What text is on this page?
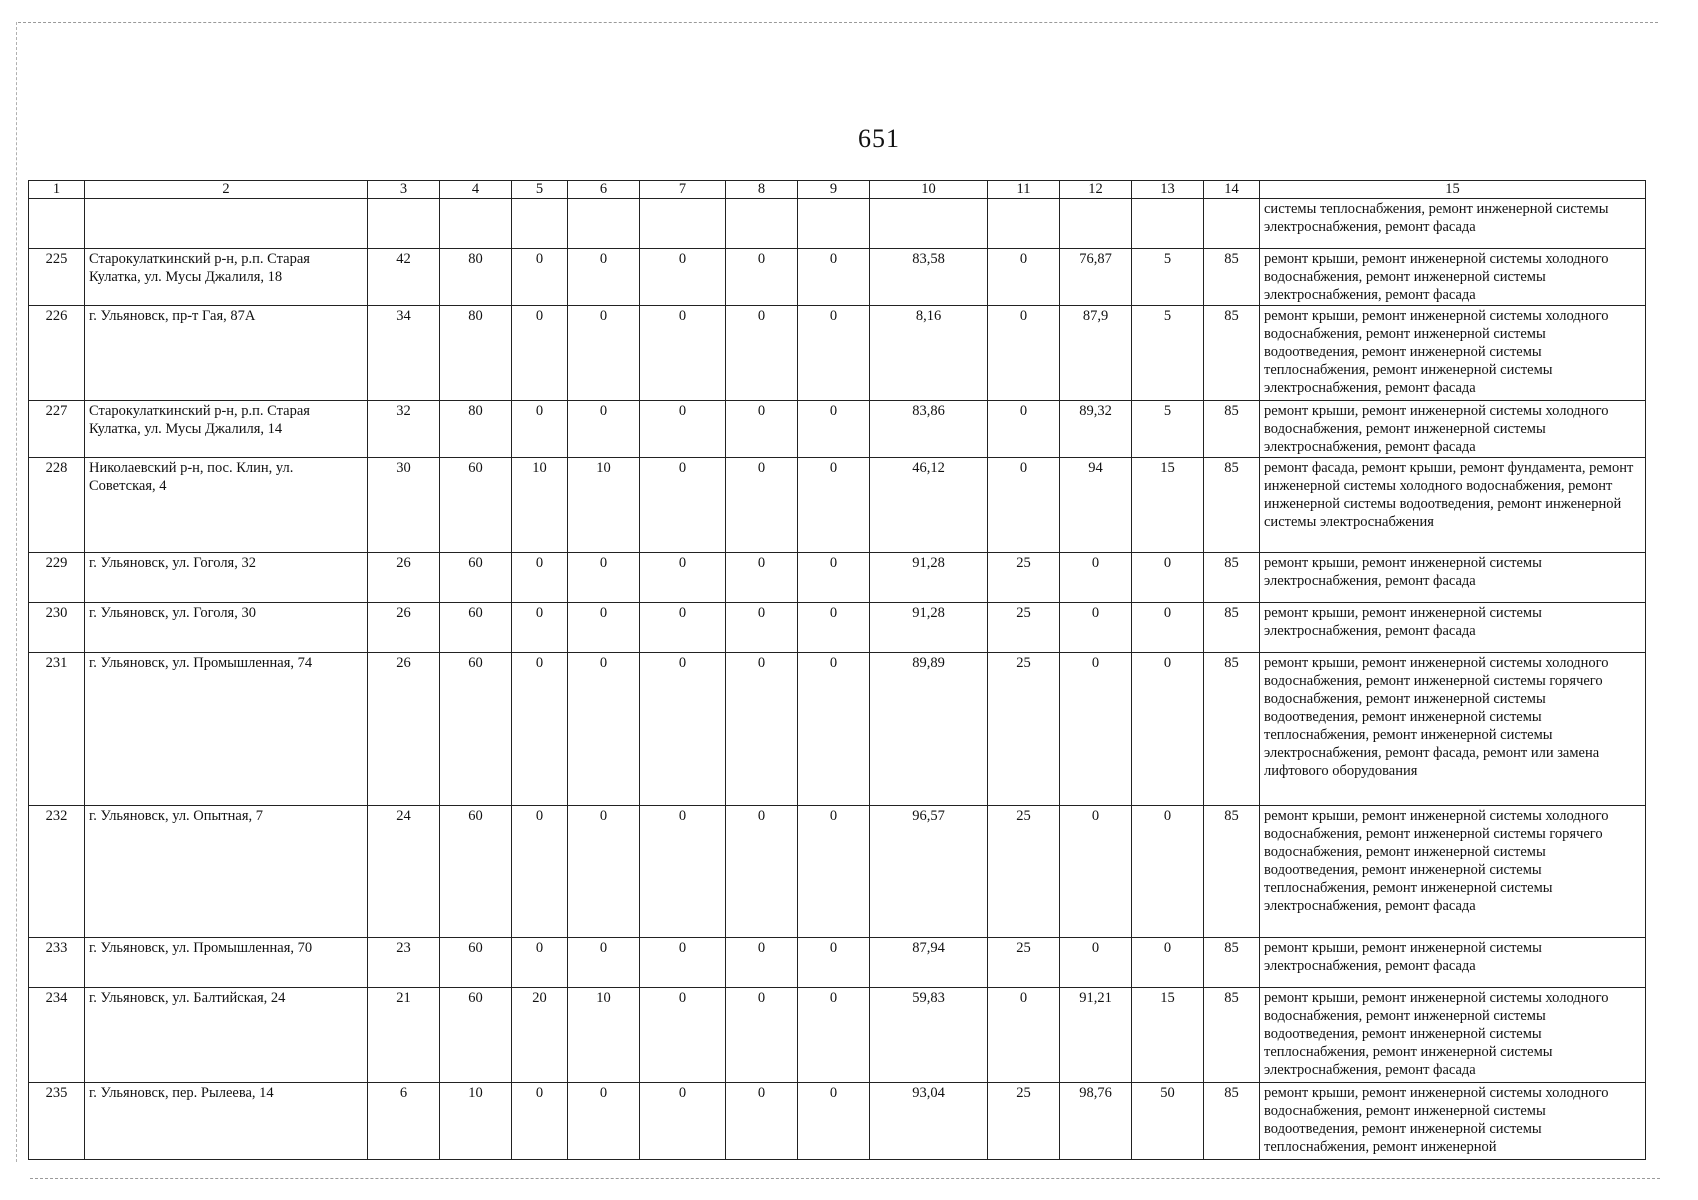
651
1	2	3	4	5	6	7	8	9	10	11	12	13	14	15
														системы теплоснабжения, ремонт инженерной системы электроснабжения, ремонт фасада
225	Старокулаткинский р-н, р.п. Старая Кулатка, ул. Мусы Джалиля, 18	42	80	0	0	0	0	0	83,58	0	76,87	5	85	ремонт крыши, ремонт инженерной системы холодного водоснабжения, ремонт инженерной системы электроснабжения, ремонт фасада
226	г. Ульяновск, пр-т Гая, 87А	34	80	0	0	0	0	0	8,16	0	87,9	5	85	ремонт крыши, ремонт инженерной системы холодного водоснабжения, ремонт инженерной системы водоотведения, ремонт инженерной системы теплоснабжения, ремонт инженерной системы электроснабжения, ремонт фасада
227	Старокулаткинский р-н, р.п. Старая Кулатка, ул. Мусы Джалиля, 14	32	80	0	0	0	0	0	83,86	0	89,32	5	85	ремонт крыши, ремонт инженерной системы холодного водоснабжения, ремонт инженерной системы электроснабжения, ремонт фасада
228	Николаевский р-н, пос. Клин, ул. Советская, 4	30	60	10	10	0	0	0	46,12	0	94	15	85	ремонт фасада, ремонт крыши, ремонт фундамента, ремонт инженерной системы холодного водоснабжения, ремонт инженерной системы водоотведения, ремонт инженерной системы электроснабжения
229	г. Ульяновск, ул. Гоголя, 32	26	60	0	0	0	0	0	91,28	25	0	0	85	ремонт крыши, ремонт инженерной системы электроснабжения, ремонт фасада
230	г. Ульяновск, ул. Гоголя, 30	26	60	0	0	0	0	0	91,28	25	0	0	85	ремонт крыши, ремонт инженерной системы электроснабжения, ремонт фасада
231	г. Ульяновск, ул. Промышленная, 74	26	60	0	0	0	0	0	89,89	25	0	0	85	ремонт крыши, ремонт инженерной системы холодного водоснабжения, ремонт инженерной системы горячего водоснабжения, ремонт инженерной системы водоотведения, ремонт инженерной системы теплоснабжения, ремонт инженерной системы электроснабжения, ремонт фасада, ремонт или замена лифтового оборудования
232	г. Ульяновск, ул. Опытная, 7	24	60	0	0	0	0	0	96,57	25	0	0	85	ремонт крыши, ремонт инженерной системы холодного водоснабжения, ремонт инженерной системы горячего водоснабжения, ремонт инженерной системы водоотведения, ремонт инженерной системы теплоснабжения, ремонт инженерной системы электроснабжения, ремонт фасада
233	г. Ульяновск, ул. Промышленная, 70	23	60	0	0	0	0	0	87,94	25	0	0	85	ремонт крыши, ремонт инженерной системы электроснабжения, ремонт фасада
234	г. Ульяновск, ул. Балтийская, 24	21	60	20	10	0	0	0	59,83	0	91,21	15	85	ремонт крыши, ремонт инженерной системы холодного водоснабжения, ремонт инженерной системы водоотведения, ремонт инженерной системы теплоснабжения, ремонт инженерной системы электроснабжения, ремонт фасада
235	г. Ульяновск, пер. Рылеева, 14	6	10	0	0	0	0	0	93,04	25	98,76	50	85	ремонт крыши, ремонт инженерной системы холодного водоснабжения, ремонт инженерной системы водоотведения, ремонт инженерной системы теплоснабжения, ремонт инженерной
